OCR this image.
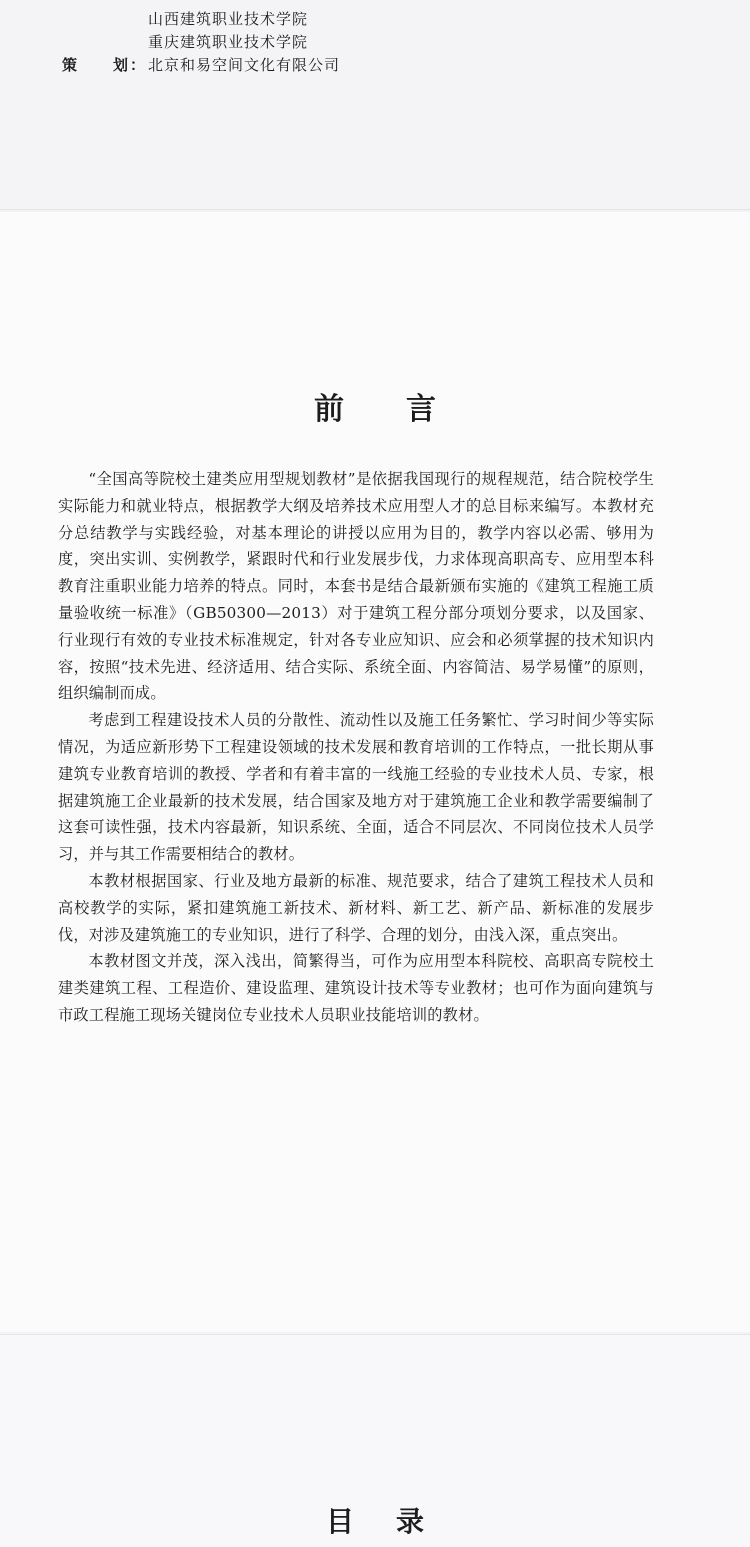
山西建筑职业技术学院
重庆建筑职业技术学院
策　　划： 北京和易空间文化有限公司
前言

“全国高等院校土建类应用型规划教材”是依据我国现行的规程规范，结合院校学生实际能力和就业特点，根据教学大纲及培养技术应用型人才的总目标来编写。本教材充分总结教学与实践经验，对基本理论的讲授以应用为目的，教学内容以必需、够用为度，突出实训、实例教学，紧跟时代和行业发展步伐，力求体现高职高专、应用型本科教育注重职业能力培养的特点。同时，本套书是结合最新颁布实施的《建筑工程施工质量验收统一标准》（GB50300—2013）对于建筑工程分部分项划分要求，以及国家、行业现行有效的专业技术标准规定，针对各专业应知识、应会和必须掌握的技术知识内容，按照“技术先进、经济适用、结合实际、系统全面、内容简洁、易学易懂”的原则，组织编制而成。

考虑到工程建设技术人员的分散性、流动性以及施工任务繁忙、学习时间少等实际情况，为适应新形势下工程建设领域的技术发展和教育培训的工作特点，一批长期从事建筑专业教育培训的教授、学者和有着丰富的一线施工经验的专业技术人员、专家，根据建筑施工企业最新的技术发展，结合国家及地方对于建筑施工企业和教学需要编制了这套可读性强，技术内容最新，知识系统、全面，适合不同层次、不同岗位技术人员学习，并与其工作需要相结合的教材。

本教材根据国家、行业及地方最新的标准、规范要求，结合了建筑工程技术人员和高校教学的实际，紧扣建筑施工新技术、新材料、新工艺、新产品、新标准的发展步伐，对涉及建筑施工的专业知识，进行了科学、合理的划分，由浅入深，重点突出。

本教材图文并茂，深入浅出，简繁得当，可作为应用型本科院校、高职高专院校土建类建筑工程、工程造价、建设监理、建筑设计技术等专业教材；也可作为面向建筑与市政工程施工现场关键岗位专业技术人员职业技能培训的教材。

目录
